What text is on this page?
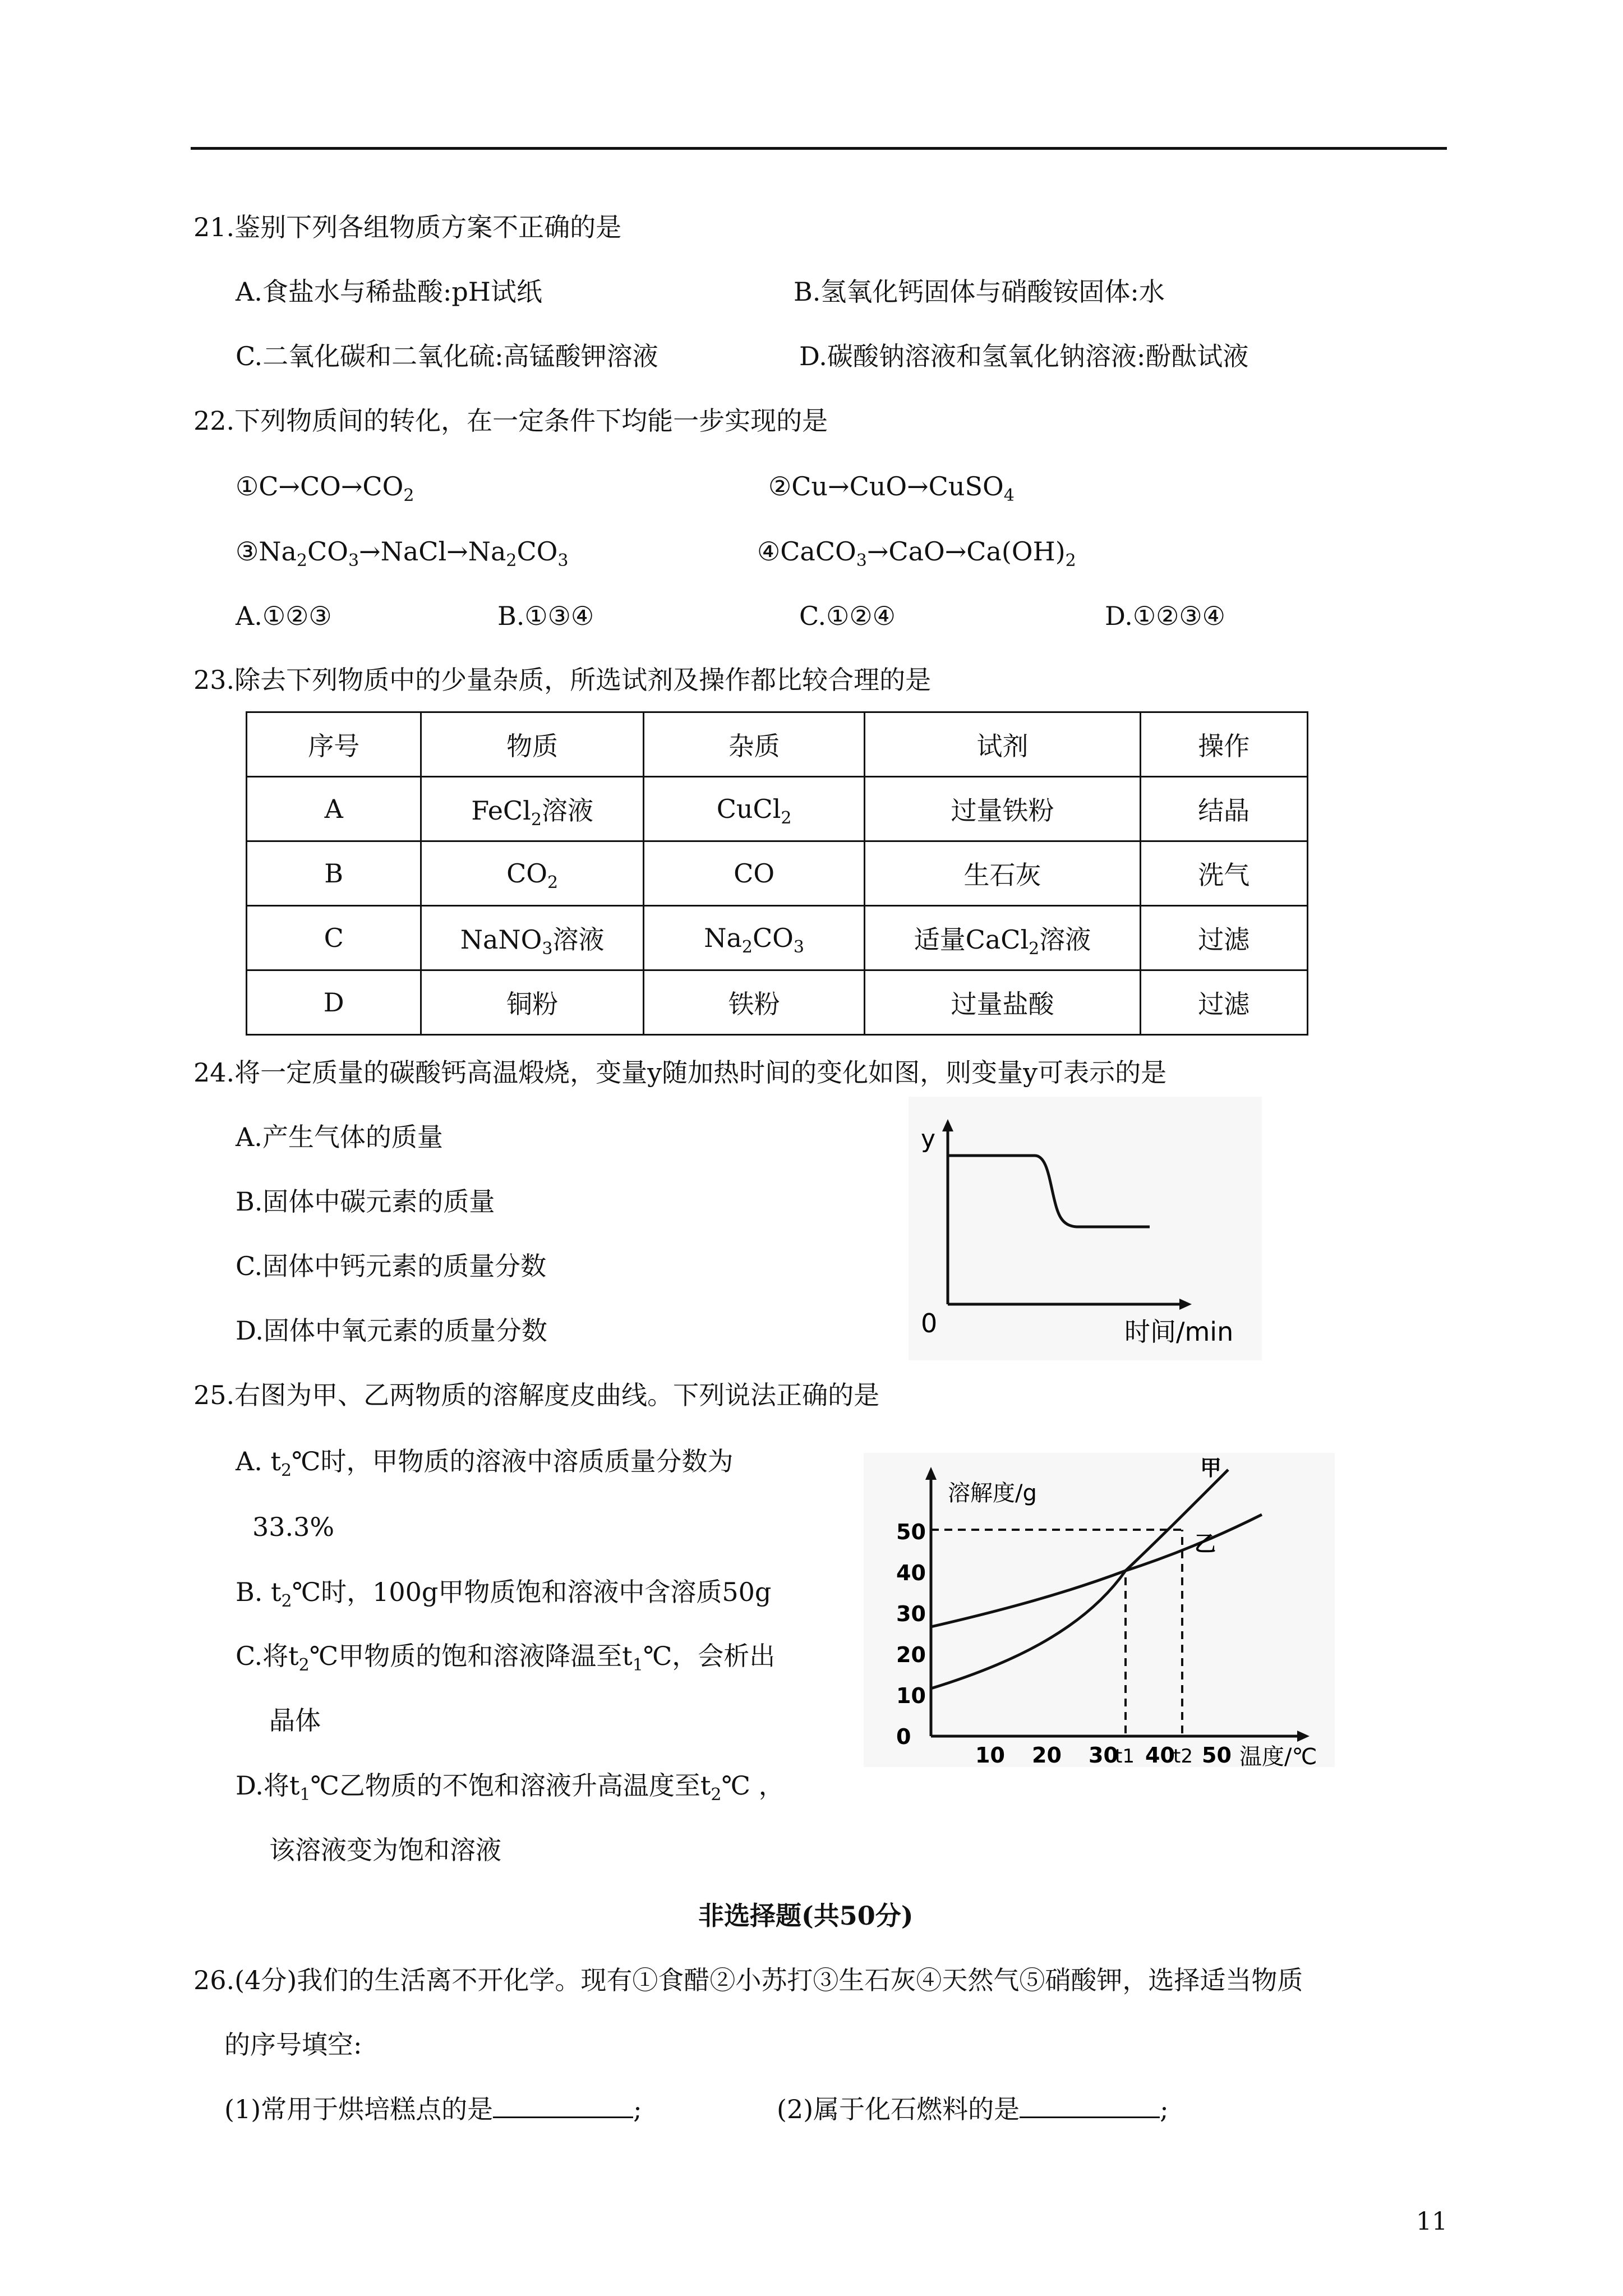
21.鉴别下列各组物质方案不正确的是
A.食盐水与稀盐酸:pH试纸	B.氢氧化钙固体与硝酸铵固体:水
C.二氧化碳和二氧化硫:高锰酸钾溶液	D.碳酸钠溶液和氢氧化钠溶液:酚酞试液
22.下列物质间的转化，在一定条件下均能一步实现的是
$①C\to CO\to CO_2$	②Cu→CuO→CuSO$_4$
$③Na_2CO_3\to NaCl\to Na_2CO_3$	$④CaCO_3\to CaO\to Ca(OH)_2$
A.①②③	B.①③④	C.①②④	D.①②③④
23.除去下列物质中的少量杂质，所选试剂及操作都比较合理的是
序号	物质	杂质	试剂	操作
A	FeCl$_2$溶液	CuCl$_2$	过量铁粉	结晶
B	$CO_2$	CO	生石灰	洗气
C	NaNO$_3$溶液	$Na_2CO_3$	适量CaCl$_2$溶液	过滤
D	铜粉	铁粉	过量盐酸	过滤
24.将一定质量的碳酸钙高温煅烧，变量y随加热时间的变化如图，则变量y可表示的是
A.产生气体的质量
B.固体中碳元素的质量
C.固体中钙元素的质量分数
D.固体中氧元素的质量分数
y
0	时间/min
25.右图为甲、乙两物质的溶解度皮曲线。下列说法正确的是
A. $t_2℃$时，甲物质的溶液中溶质质量分数为
33.3%
B. $t_2℃$时，100g甲物质饱和溶液中含溶质50g
C.将$t_2℃$甲物质的饱和溶液降温至$t_1℃$，会析出
晶体
D.将$t_1℃$乙物质的不饱和溶液升高温度至$t_2℃$ ，
该溶液变为饱和溶液
50
40
30
20
10
0
10 20 30 40 50
溶解度/g
温度/℃
甲
乙
t1 t2
非选择题(共50分)
26.(4分)我们的生活离不开化学。现有①食醋②小苏打③生石灰④天然气⑤硝酸钾，选择适当物质
的序号填空:
(1)常用于烘培糕点的是	;	(2)属于化石燃料的是	;
11
